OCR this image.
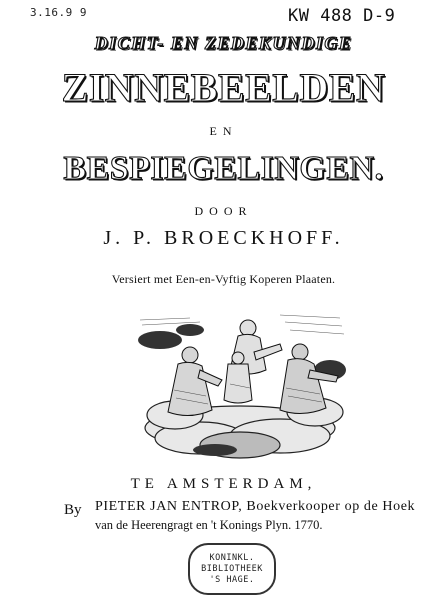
3.16.9 9	KW 488 D-9
DICHT- EN ZEDEKUNDIGE
ZINNEBEELDEN
EN
BESPIEGELINGEN.
DOOR
J. P. BROECKHOFF.
Versiert met Een-en-Vyftig Koperen Plaaten.
TE AMSTERDAM,
By PIETER JAN ENTROP, Boekverkooper op de Hoek
van de Heerengragt en 't Konings Plyn. 1770.
KONINKL.
BIBLIOTHEEK
'S HAGE.
